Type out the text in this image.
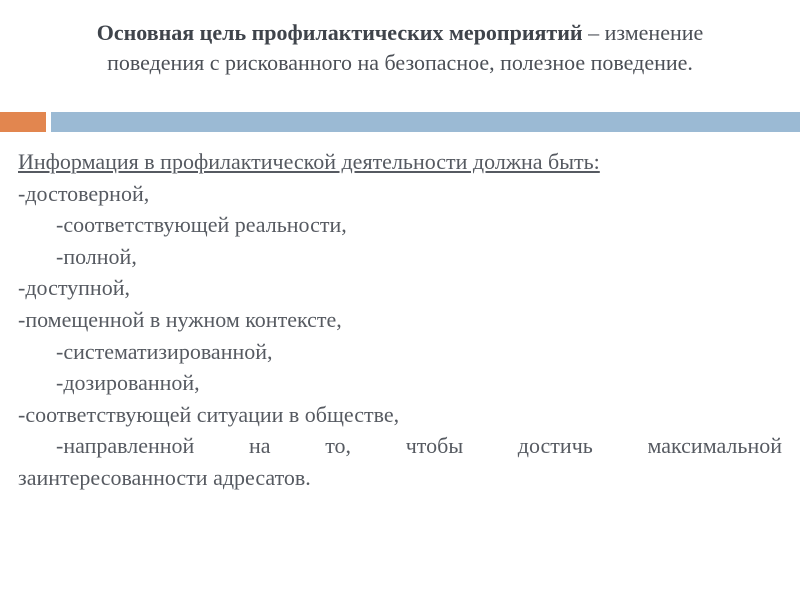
Основная цель профилактических мероприятий – изменение
поведения с рискованного на безопасное, полезное поведение.
Информация в профилактической деятельности должна быть:
-достоверной,
-соответствующей реальности,
-полной,
-доступной,
-помещенной в нужном контексте,
-систематизированной,
-дозированной,
-соответствующей ситуации в обществе,
-направленной на то, чтобы достичь максимальной
заинтересованности адресатов.
